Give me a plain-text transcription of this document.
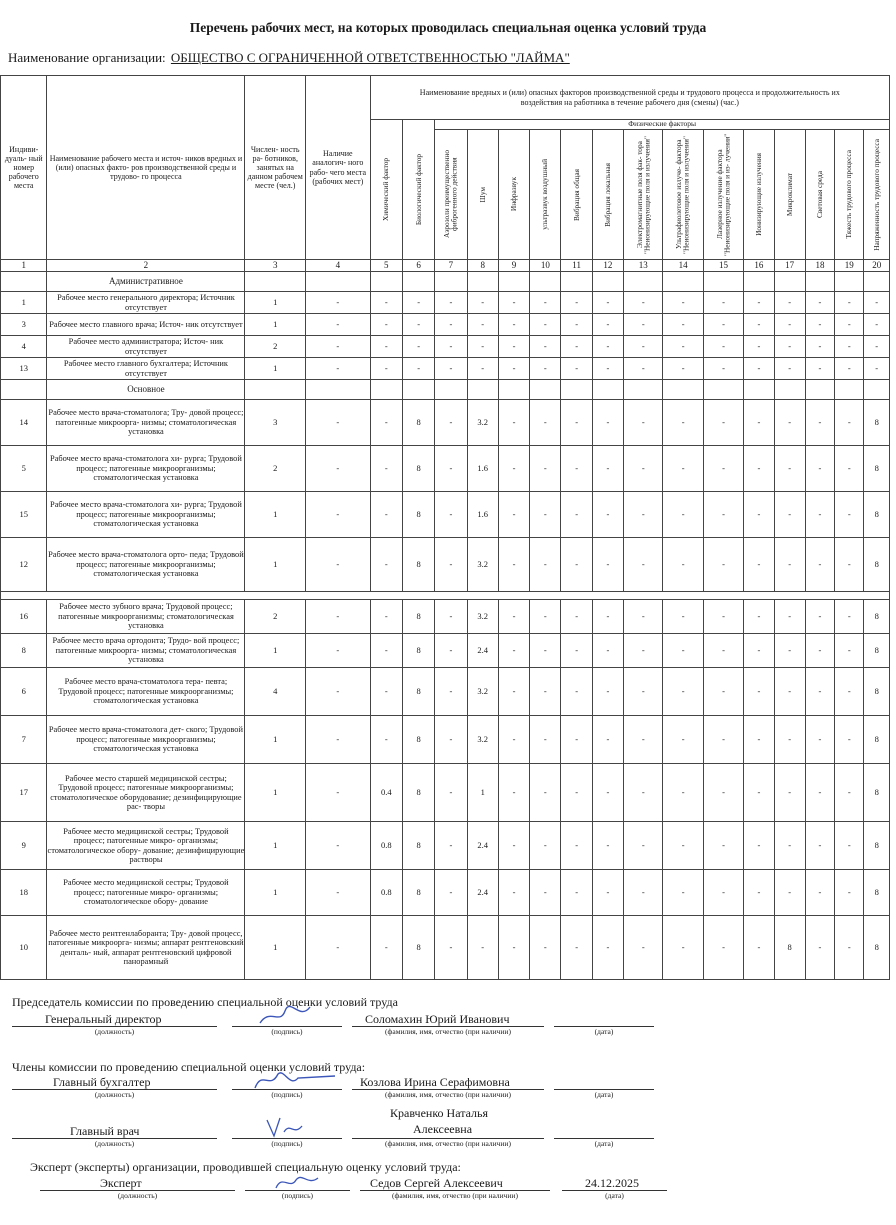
Перечень рабочих мест, на которых проводилась специальная оценка условий труда
Наименование организации: ОБЩЕСТВО С ОГРАНИЧЕННОЙ ОТВЕТСТВЕННОСТЬЮ "ЛАЙМА"
Индиви- дуаль- ный номер рабочего места	Наименование рабочего места и источ- ников вредных и (или) опасных факто- ров производственной среды и трудово- го процесса	Числен- ность ра- ботников, занятых на данном рабочем месте (чел.)	Наличие аналогич- ного рабо- чего места (рабочих мест)	Наименование вредных и (или) опасных факторов производственной среды и трудового процесса и продолжительность их воздействия на работника в течение рабочего дня (смены) (час.)															

				Химический фактор	Биологический фактор	Физические факторы													

						Аэрозоли преимущественно фиброгенного действия	Шум	Инфразвук	ультразвук воздушный	Вибрация общая	Вибрация локальная	Электромагнитные поля фак- тора "Неионизирующие поля и излучения"	Ультрафиолетовое излуче- фактора "Неионизирующие поля и излучения"	Лазерное излучение фактора "Неионизирующие поля и из- лучения"	Ионизирующие излучения	Микроклимат	Световая среда	Тяжесть трудового процесса	Напряженность трудового процесса

1	2	3	4	5	6	7	8	9	10	11	12	13	14	15	16	17	18	19	20
	Административное																		
1	Рабочее место генерального директора; Источник отсутствует	1	-	-	-	-	-	-	-	-	-	-	-	-	-	-	-	-	-
3	Рабочее место главного врача; Источ- ник отсутствует	1	-	-	-	-	-	-	-	-	-	-	-	-	-	-	-	-	-
4	Рабочее место администратора; Источ- ник отсутствует	2	-	-	-	-	-	-	-	-	-	-	-	-	-	-	-	-	-
13	Рабочее место главного бухгалтера; Источник отсутствует	1	-	-	-	-	-	-	-	-	-	-	-	-	-	-	-	-	-
	Основное																		
14	Рабочее место врача-стоматолога; Тру- довой процесс; патогенные микроорга- низмы; стоматологическая установка	3	-	-	8	-	3.2	-	-	-	-	-	-	-	-	-	-	-	8
5	Рабочее место врача-стоматолога хи- рурга; Трудовой процесс; патогенные микроорганизмы; стоматологическая установка	2	-	-	8	-	1.6	-	-	-	-	-	-	-	-	-	-	-	8
15	Рабочее место врача-стоматолога хи- рурга; Трудовой процесс; патогенные микроорганизмы; стоматологическая установка	1	-	-	8	-	1.6	-	-	-	-	-	-	-	-	-	-	-	8
12	Рабочее место врача-стоматолога орто- педа; Трудовой процесс; патогенные микроорганизмы; стоматологическая установка	1	-	-	8	-	3.2	-	-	-	-	-	-	-	-	-	-	-	8

16	Рабочее место зубного врача; Трудовой процесс; патогенные микроорганизмы; стоматологическая установка	2	-	-	8	-	3.2	-	-	-	-	-	-	-	-	-	-	-	8
8	Рабочее место врача ортодонта; Трудо- вой процесс; патогенные микроорга- низмы; стоматологическая установка	1	-	-	8	-	2.4	-	-	-	-	-	-	-	-	-	-	-	8
6	Рабочее место врача-стоматолога тера- певта; Трудовой процесс; патогенные микроорганизмы; стоматологическая установка	4	-	-	8	-	3.2	-	-	-	-	-	-	-	-	-	-	-	8
7	Рабочее место врача-стоматолога дет- ского; Трудовой процесс; патогенные микроорганизмы; стоматологическая установка	1	-	-	8	-	3.2	-	-	-	-	-	-	-	-	-	-	-	8
17	Рабочее место старшей медицинской сестры; Трудовой процесс; патогенные микроорганизмы; стоматологическое оборудование; дезинфицирующие рас- творы	1	-	0.4	8	-	1	-	-	-	-	-	-	-	-	-	-	-	8
9	Рабочее место медицинской сестры; Трудовой процесс; патогенные микро- организмы; стоматологическое обору- дование; дезинфицирующие растворы	1	-	0.8	8	-	2.4	-	-	-	-	-	-	-	-	-	-	-	8
18	Рабочее место медицинской сестры; Трудовой процесс; патогенные микро- организмы; стоматологическое обору- дование	1	-	0.8	8	-	2.4	-	-	-	-	-	-	-	-	-	-	-	8
10	Рабочее место рентгенлаборанта; Тру- довой процесс, патогенные микроорга- низмы; аппарат рентгеновский денталь- ный, аппарат рентгеновский цифровой панорамный	1	-	-	8	-	-	-	-	-	-	-	-	-	-	8	-	-	8
Председатель комиссии по проведению специальной оценки условий труда
Генеральный директор	Соломахин Юрий Иванович
(должность)	(подпись)	(фамилия, имя, отчество (при наличии)	(дата)
Члены комиссии по проведению специальной оценки условий труда:
Главный бухгалтер	Козлова Ирина Серафимовна
(должность)	(подпись)	(фамилия, имя, отчество (при наличии)	(дата)
Кравченко Наталья
Главный врач	Алексеевна
(должность)	(подпись)	(фамилия, имя, отчество (при наличии)	(дата)
Эксперт (эксперты) организации, проводившей специальную оценку условий труда:
Эксперт	Седов Сергей Алексеевич	24.12.2025
(должность)	(подпись)	(фамилия, имя, отчество (при наличии)	(дата)
